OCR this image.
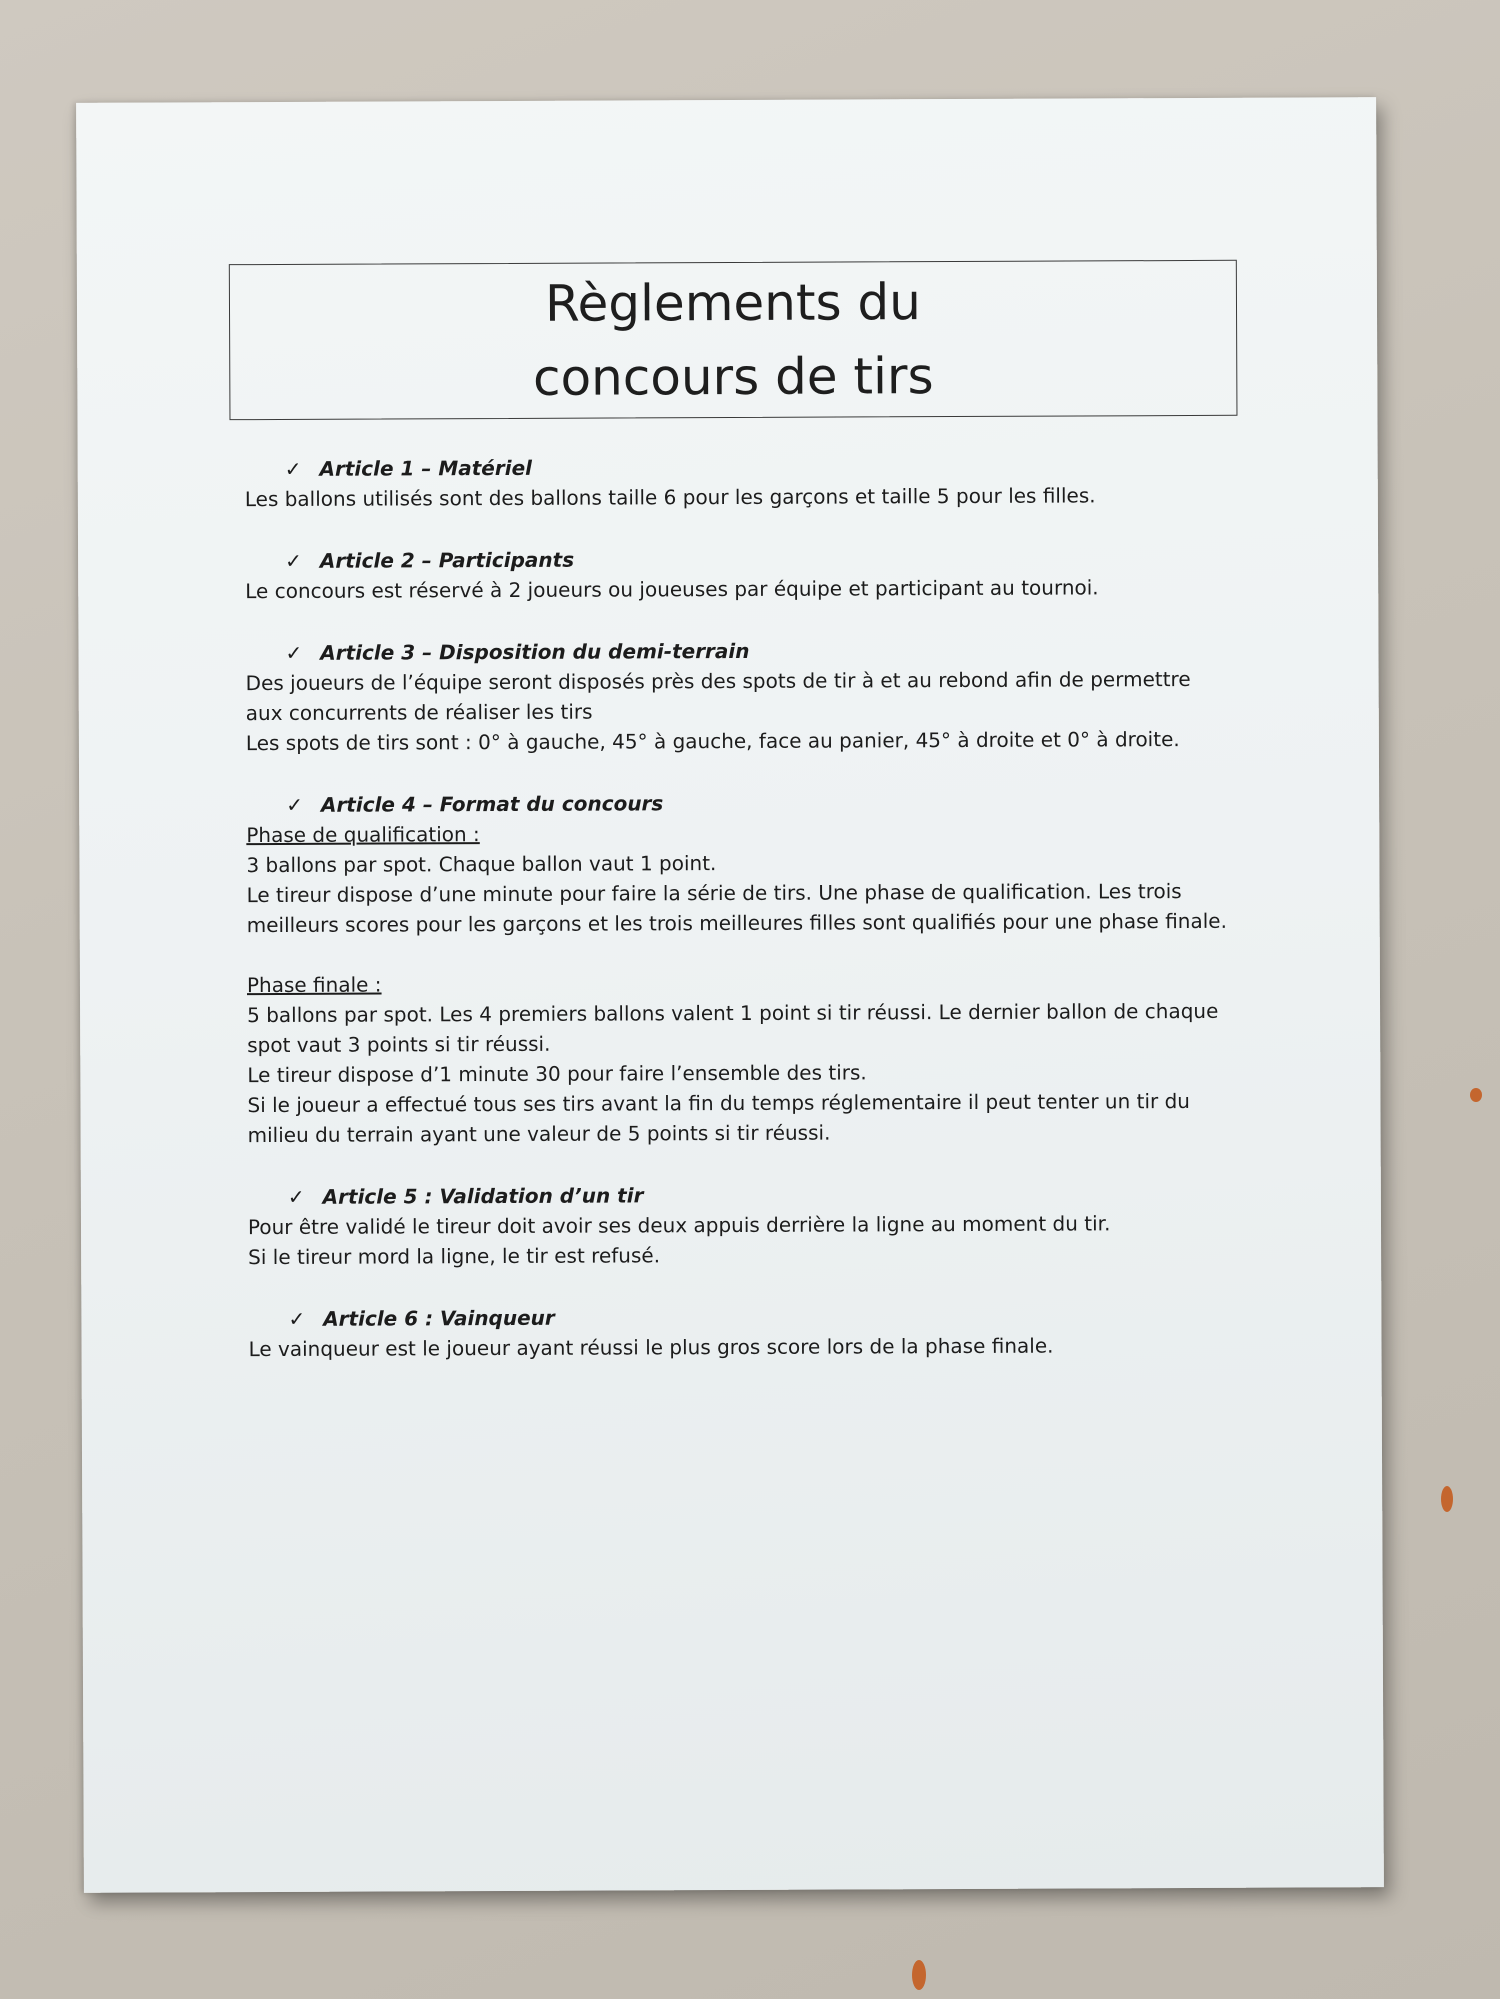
Règlements du
concours de tirs
✓ Article 1 – Matériel

Les ballons utilisés sont des ballons taille 6 pour les garçons et taille 5 pour les filles.

✓ Article 2 – Participants

Le concours est réservé à 2 joueurs ou joueuses par équipe et participant au tournoi.

✓ Article 3 – Disposition du demi-terrain

Des joueurs de l’équipe seront disposés près des spots de tir à et au rebond afin de permettre

aux concurrents de réaliser les tirs

Les spots de tirs sont : 0° à gauche, 45° à gauche, face au panier, 45° à droite et 0° à droite.

✓ Article 4 – Format du concours

Phase de qualification :

3 ballons par spot. Chaque ballon vaut 1 point.

Le tireur dispose d’une minute pour faire la série de tirs. Une phase de qualification. Les trois

meilleurs scores pour les garçons et les trois meilleures filles sont qualifiés pour une phase finale.

Phase finale :

5 ballons par spot. Les 4 premiers ballons valent 1 point si tir réussi. Le dernier ballon de chaque

spot vaut 3 points si tir réussi.

Le tireur dispose d’1 minute 30 pour faire l’ensemble des tirs.

Si le joueur a effectué tous ses tirs avant la fin du temps réglementaire il peut tenter un tir du

milieu du terrain ayant une valeur de 5 points si tir réussi.

✓ Article 5 : Validation d’un tir

Pour être validé le tireur doit avoir ses deux appuis derrière la ligne au moment du tir.

Si le tireur mord la ligne, le tir est refusé.

✓ Article 6 : Vainqueur

Le vainqueur est le joueur ayant réussi le plus gros score lors de la phase finale.
